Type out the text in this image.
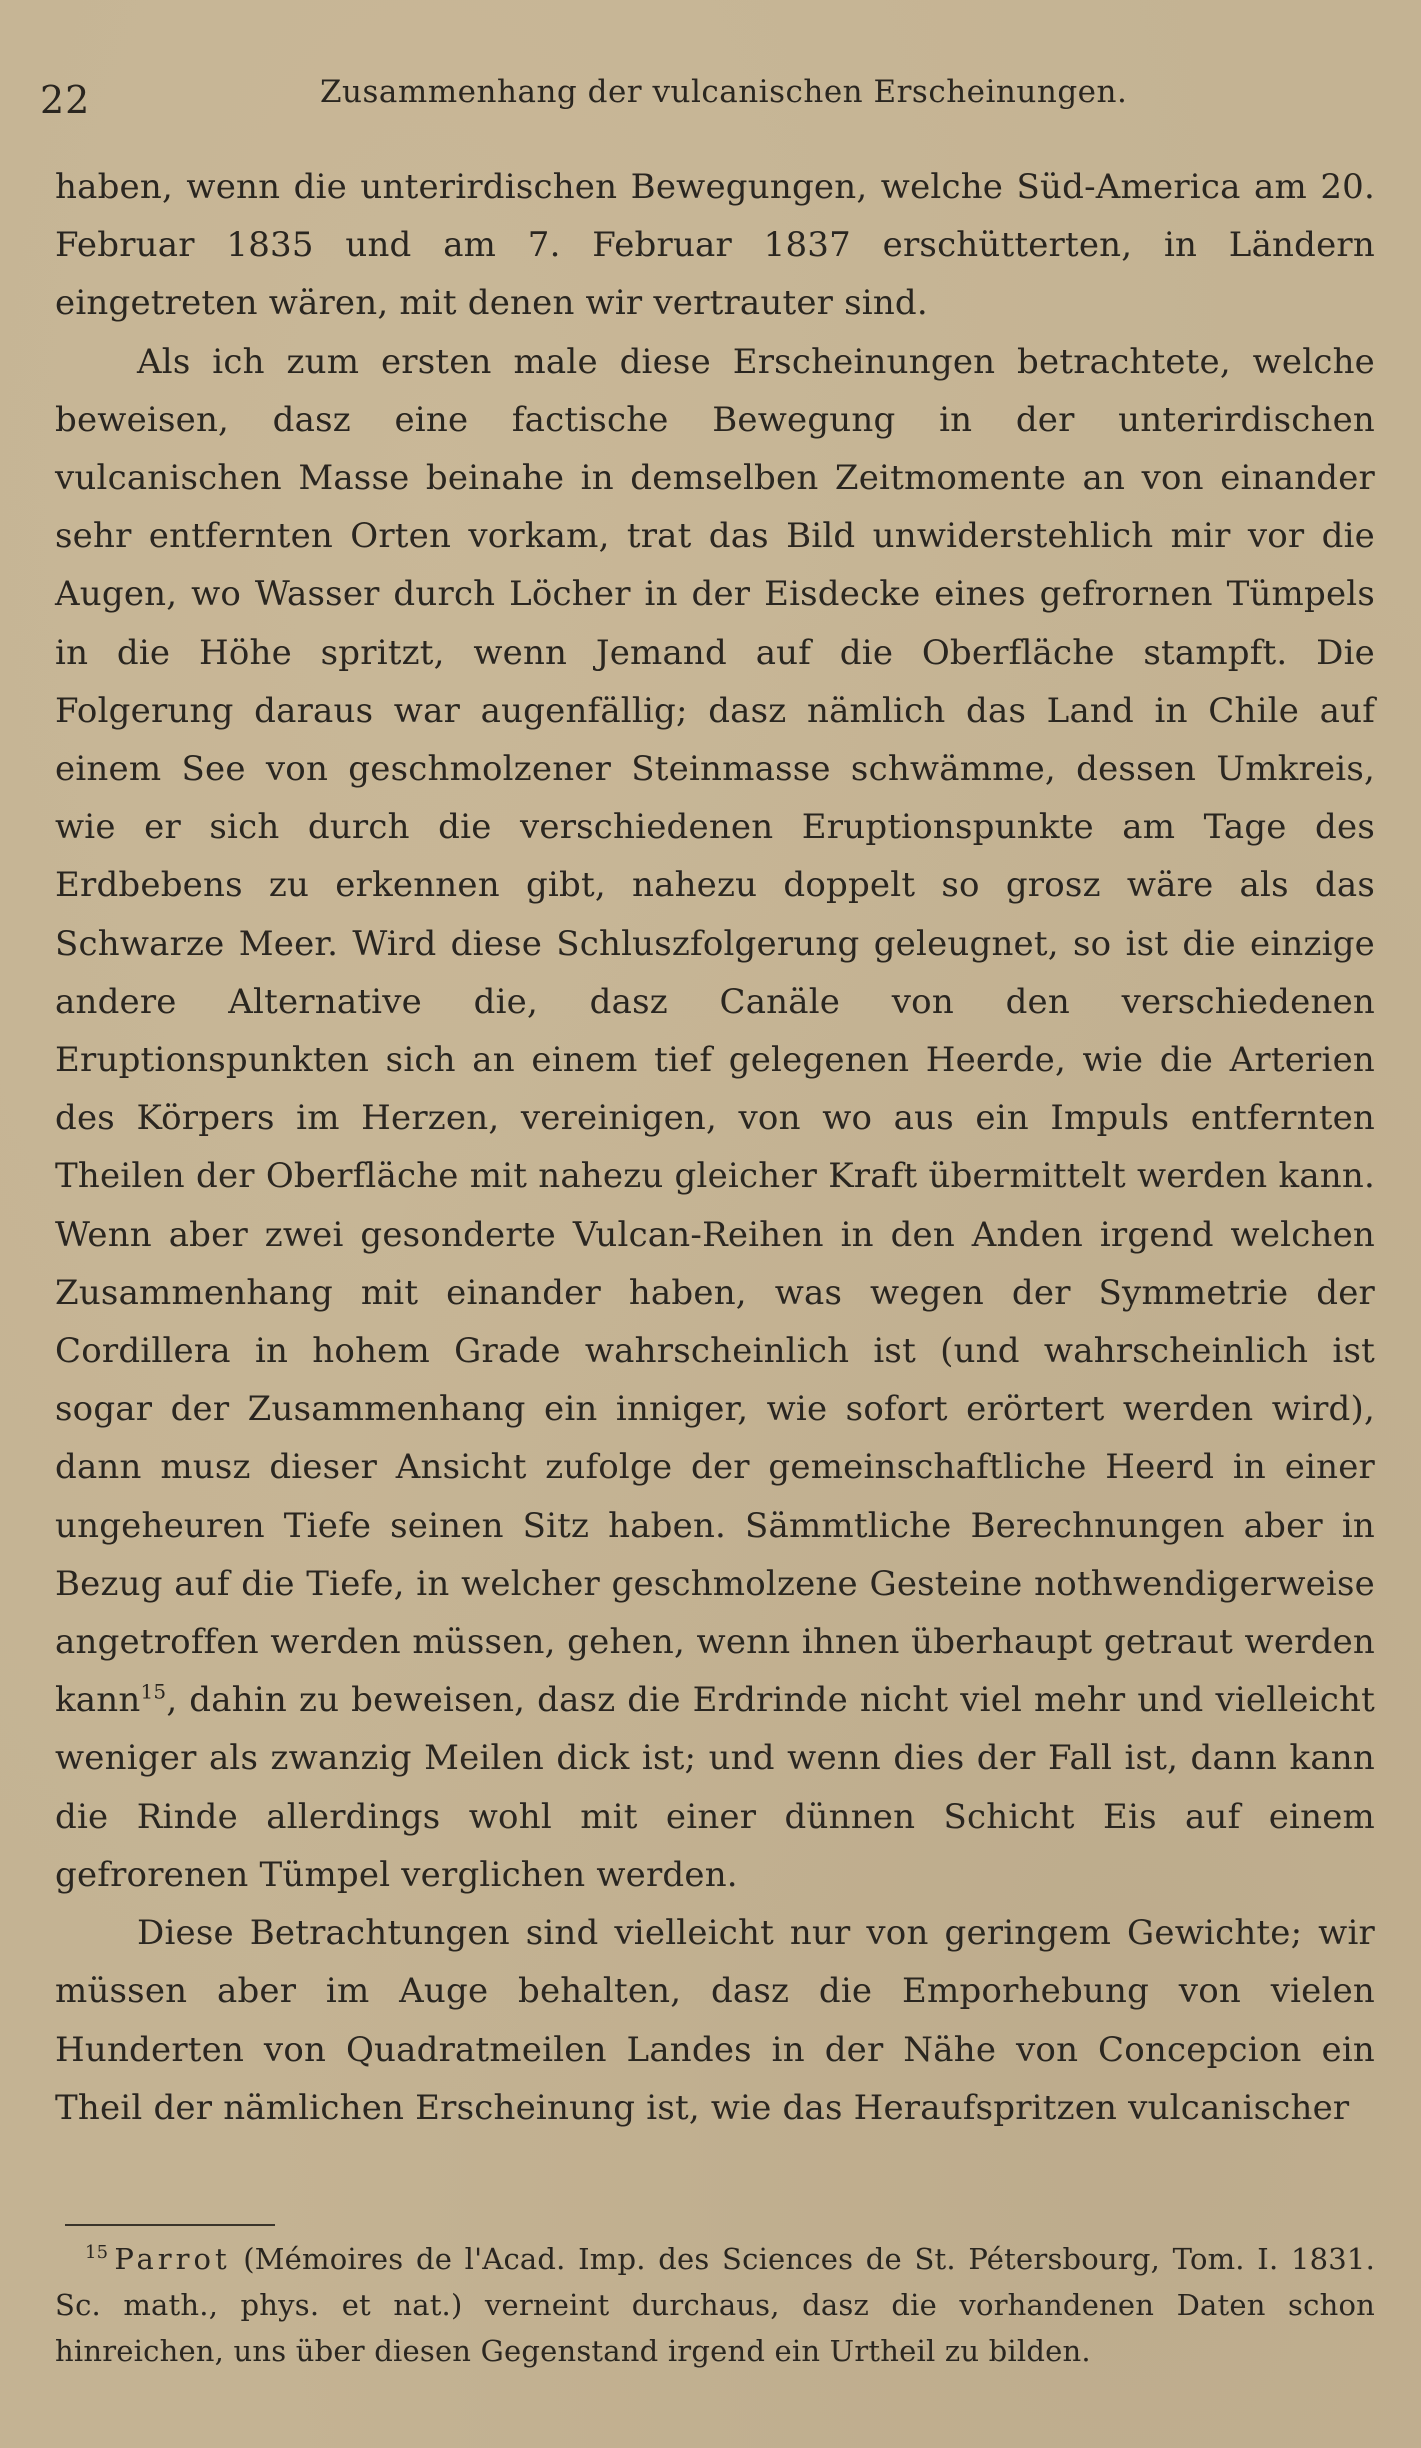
22	Zusammenhang der vulcanischen Erscheinungen.

haben, wenn die unterirdischen Bewegungen, welche Süd-America am 20. Februar 1835 und am 7. Februar 1837 erschütterten, in Ländern eingetreten wären, mit denen wir vertrauter sind.

Als ich zum ersten male diese Erscheinungen betrachtete, welche beweisen, dasz eine factische Bewegung in der unterirdischen vulcanischen Masse beinahe in demselben Zeitmomente an von einander sehr entfernten Orten vorkam, trat das Bild unwiderstehlich mir vor die Augen, wo Wasser durch Löcher in der Eisdecke eines gefrornen Tümpels in die Höhe spritzt, wenn Jemand auf die Oberfläche stampft. Die Folgerung daraus war augenfällig; dasz nämlich das Land in Chile auf einem See von geschmolzener Steinmasse schwämme, dessen Umkreis, wie er sich durch die verschiedenen Eruptionspunkte am Tage des Erdbebens zu erkennen gibt, nahezu doppelt so grosz wäre als das Schwarze Meer. Wird diese Schluszfolgerung geleugnet, so ist die einzige andere Alternative die, dasz Canäle von den verschiedenen Eruptionspunkten sich an einem tief gelegenen Heerde, wie die Arterien des Körpers im Herzen, vereinigen, von wo aus ein Impuls entfernten Theilen der Oberfläche mit nahezu gleicher Kraft übermittelt werden kann. Wenn aber zwei gesonderte Vulcan-Reihen in den Anden irgend welchen Zusammenhang mit einander haben, was wegen der Symmetrie der Cordillera in hohem Grade wahrscheinlich ist (und wahrscheinlich ist sogar der Zusammenhang ein inniger, wie sofort erörtert werden wird), dann musz dieser Ansicht zufolge der gemeinschaftliche Heerd in einer ungeheuren Tiefe seinen Sitz haben. Sämmtliche Berechnungen aber in Bezug auf die Tiefe, in welcher geschmolzene Gesteine nothwendigerweise angetroffen werden müssen, gehen, wenn ihnen überhaupt getraut werden kann$^{15}$, dahin zu beweisen, dasz die Erdrinde nicht viel mehr und vielleicht weniger als zwanzig Meilen dick ist; und wenn dies der Fall ist, dann kann die Rinde allerdings wohl mit einer dünnen Schicht Eis auf einem gefrorenen Tümpel verglichen werden.

Diese Betrachtungen sind vielleicht nur von geringem Gewichte; wir müssen aber im Auge behalten, dasz die Emporhebung von vielen Hunderten von Quadratmeilen Landes in der Nähe von Concepcion ein Theil der nämlichen Erscheinung ist, wie das Heraufspritzen vulcanischer

$^{15}$ Parrot (Mémoires de l'Acad. Imp. des Sciences de St. Pétersbourg, Tom. I. 1831. Sc. math., phys. et nat.) verneint durchaus, dasz die vorhandenen Daten schon hinreichen, uns über diesen Gegenstand irgend ein Urtheil zu bilden.
